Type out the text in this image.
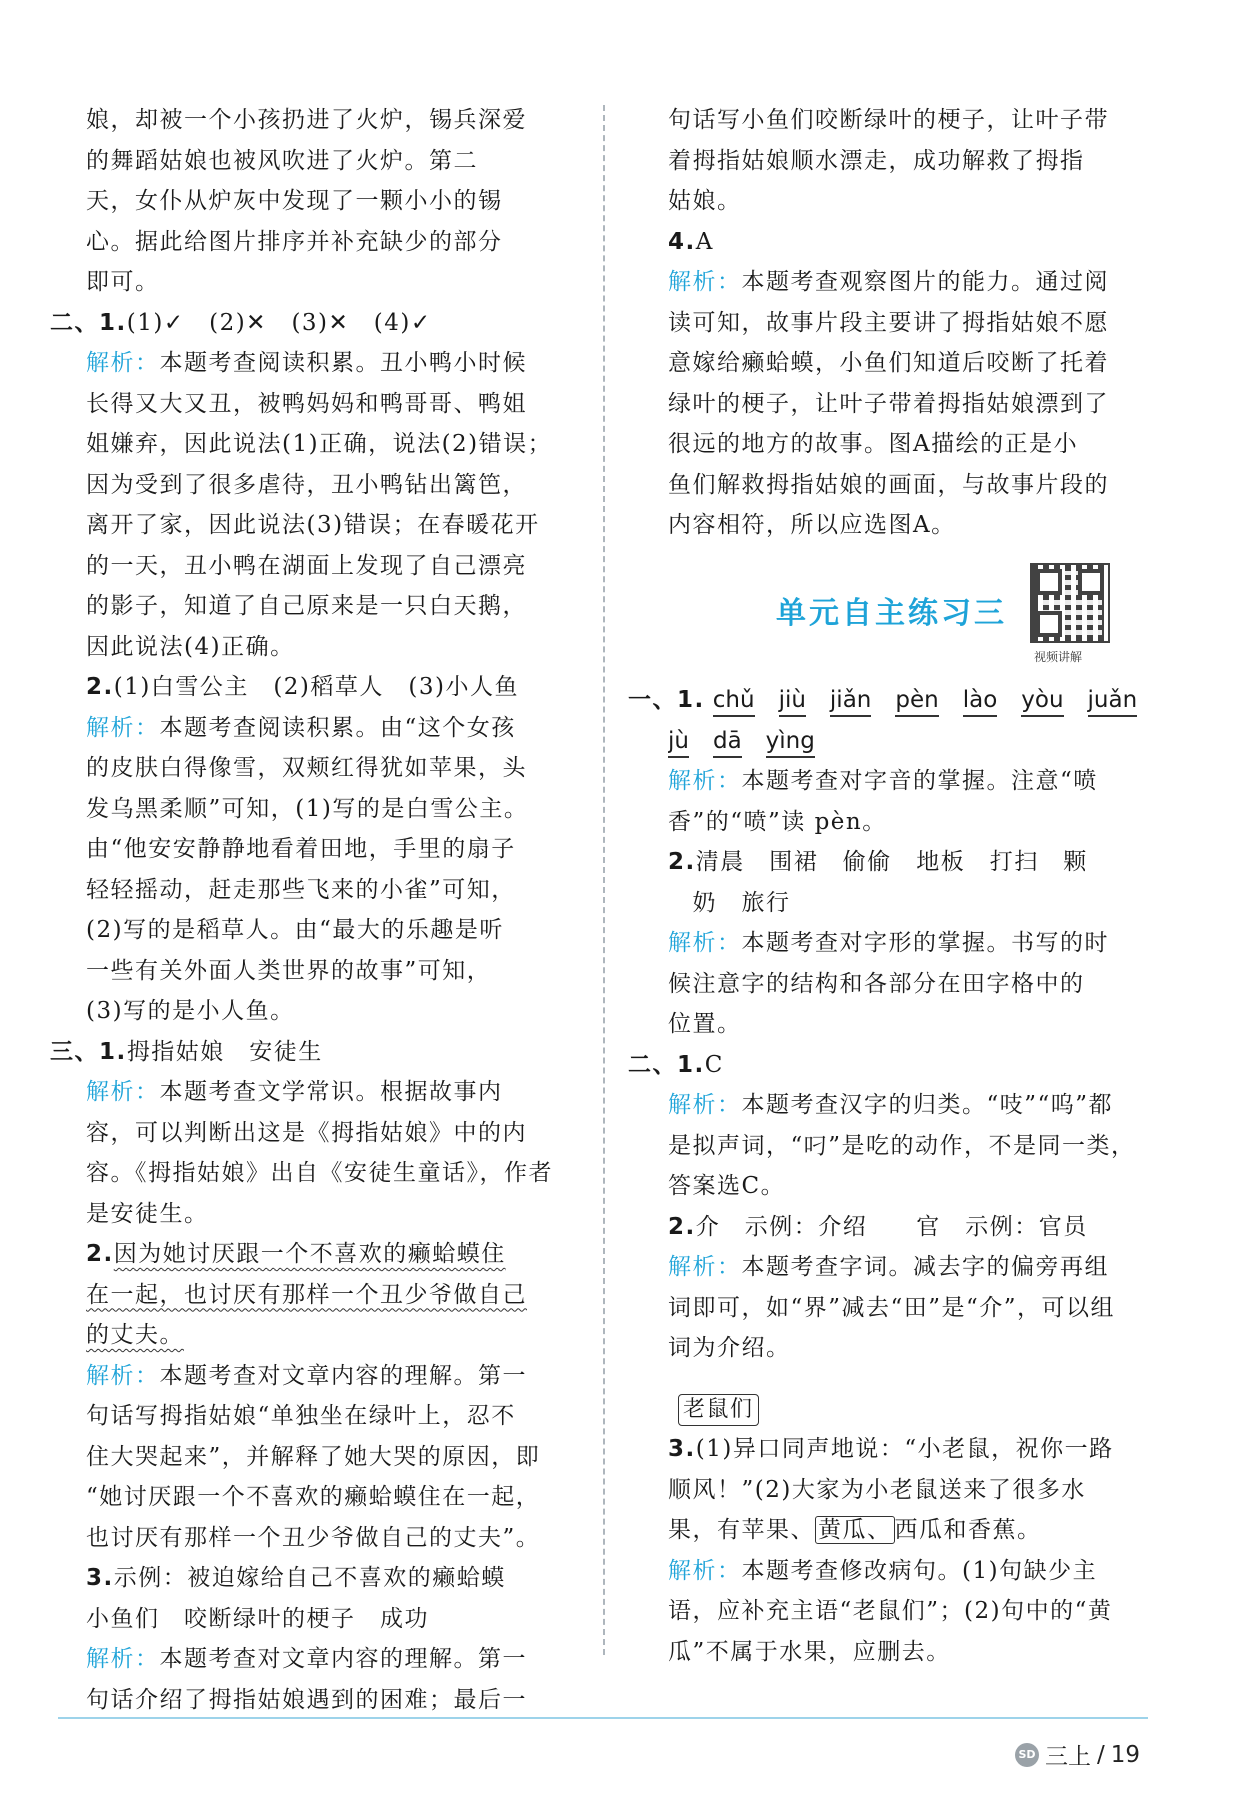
娘，却被一个小孩扔进了火炉，锡兵深爱
的舞蹈姑娘也被风吹进了火炉。第二
天，女仆从炉灰中发现了一颗小小的锡
心。据此给图片排序并补充缺少的部分
即可。
二、1.(1)✓　(2)✕　(3)✕　(4)✓
解析：本题考查阅读积累。丑小鸭小时候
长得又大又丑，被鸭妈妈和鸭哥哥、鸭姐
姐嫌弃，因此说法(1)正确，说法(2)错误；
因为受到了很多虐待，丑小鸭钻出篱笆，
离开了家，因此说法(3)错误；在春暖花开
的一天，丑小鸭在湖面上发现了自己漂亮
的影子，知道了自己原来是一只白天鹅，
因此说法(4)正确。
2.(1)白雪公主　(2)稻草人　(3)小人鱼
解析：本题考查阅读积累。由“这个女孩
的皮肤白得像雪，双颊红得犹如苹果，头
发乌黑柔顺”可知，(1)写的是白雪公主。
由“他安安静静地看着田地，手里的扇子
轻轻摇动，赶走那些飞来的小雀”可知，
(2)写的是稻草人。由“最大的乐趣是听
一些有关外面人类世界的故事”可知，
(3)写的是小人鱼。
三、1.拇指姑娘　安徒生
解析：本题考查文学常识。根据故事内
容，可以判断出这是《拇指姑娘》中的内
容。《拇指姑娘》出自《安徒生童话》，作者
是安徒生。
2.因为她讨厌跟一个不喜欢的癞蛤蟆住
在一起，也讨厌有那样一个丑少爷做自己
的丈夫。
解析：本题考查对文章内容的理解。第一
句话写拇指姑娘“单独坐在绿叶上，忍不
住大哭起来”，并解释了她大哭的原因，即
“她讨厌跟一个不喜欢的癞蛤蟆住在一起，
也讨厌有那样一个丑少爷做自己的丈夫”。
3.示例：被迫嫁给自己不喜欢的癞蛤蟆
小鱼们　咬断绿叶的梗子　成功
解析：本题考查对文章内容的理解。第一
句话介绍了拇指姑娘遇到的困难；最后一
句话写小鱼们咬断绿叶的梗子，让叶子带
着拇指姑娘顺水漂走，成功解救了拇指
姑娘。
4.A
解析：本题考查观察图片的能力。通过阅
读可知，故事片段主要讲了拇指姑娘不愿
意嫁给癞蛤蟆，小鱼们知道后咬断了托着
绿叶的梗子，让叶子带着拇指姑娘漂到了
很远的地方的故事。图A描绘的正是小
鱼们解救拇指姑娘的画面，与故事片段的
内容相符，所以应选图A。
单元自主练习三
视频讲解
一、1. chǔ jiù jiǎn pèn lào yòu juǎn
jù dā yìng
解析：本题考查对字音的掌握。注意“喷
香”的“喷”读 pèn。
2.清晨　围裙　偷偷　地板　打扫　颗
　奶　旅行
解析：本题考查对字形的掌握。书写的时
候注意字的结构和各部分在田字格中的
位置。
二、1.C
解析：本题考查汉字的归类。“吱”“呜”都
是拟声词，“叼”是吃的动作，不是同一类，
答案选C。
2.介　示例：介绍　　官　示例：官员
解析：本题考查字词。减去字的偏旁再组
词即可，如“界”减去“田”是“介”，可以组
词为介绍。
老鼠们
3.(1)异口同声地说：“小老鼠，祝你一路
顺风！”(2)大家为小老鼠送来了很多水
果，有苹果、 黄瓜、 西瓜和香蕉。
解析：本题考查修改病句。(1)句缺少主
语，应补充主语“老鼠们”；(2)句中的“黄
瓜”不属于水果，应删去。
SD 三上 / 19
